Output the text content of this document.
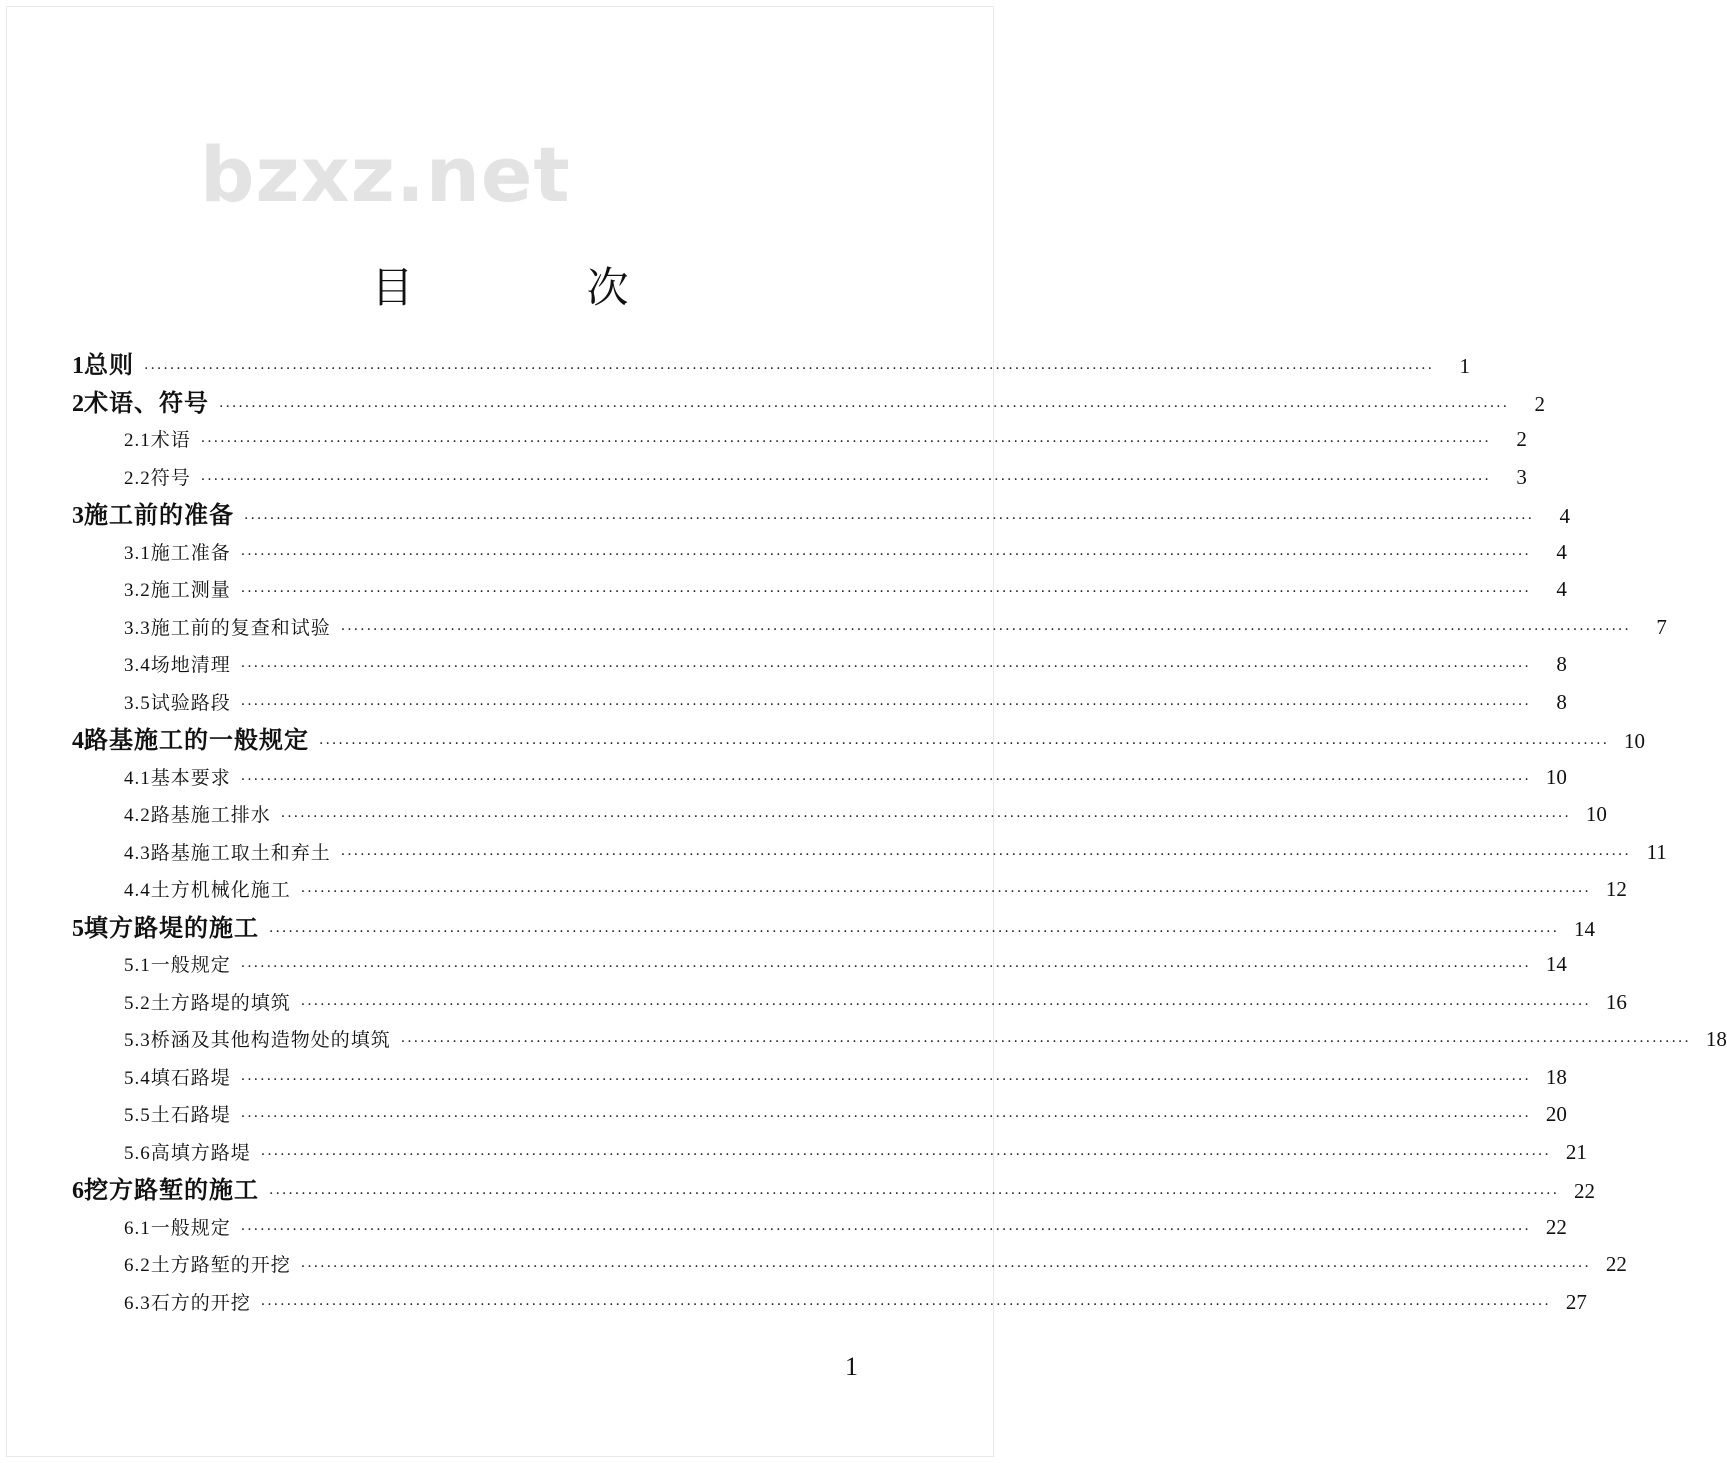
bzxz.net
目 次
1 总则 ········································································································································································································	1
2 术语、符号 ········································································································································································································	2
2.1 术语 ········································································································································································································	2
2.2 符号 ········································································································································································································	3
3 施工前的准备 ········································································································································································································	4
3.1 施工准备 ········································································································································································································	4
3.2 施工测量 ········································································································································································································	4
3.3 施工前的复查和试验 ········································································································································································································	7
3.4 场地清理 ········································································································································································································	8
3.5 试验路段 ········································································································································································································	8
4 路基施工的一般规定 ········································································································································································································ 10
4.1 基本要求 ········································································································································································································ 10
4.2 路基施工排水 ········································································································································································································ 10
4.3 路基施工取土和弃土 ········································································································································································································ 11
4.4 土方机械化施工 ········································································································································································································ 12
5 填方路堤的施工 ········································································································································································································ 14
5.1 一般规定 ········································································································································································································ 14
5.2 土方路堤的填筑 ········································································································································································································ 16
5.3 桥涵及其他构造物处的填筑 ········································································································································································································ 18
5.4 填石路堤 ········································································································································································································ 18
5.5 土石路堤 ········································································································································································································ 20
5.6 高填方路堤 ········································································································································································································ 21
6 挖方路堑的施工 ········································································································································································································ 22
6.1 一般规定 ········································································································································································································ 22
6.2 土方路堑的开挖 ········································································································································································································ 22
6.3 石方的开挖 ········································································································································································································ 27
1
